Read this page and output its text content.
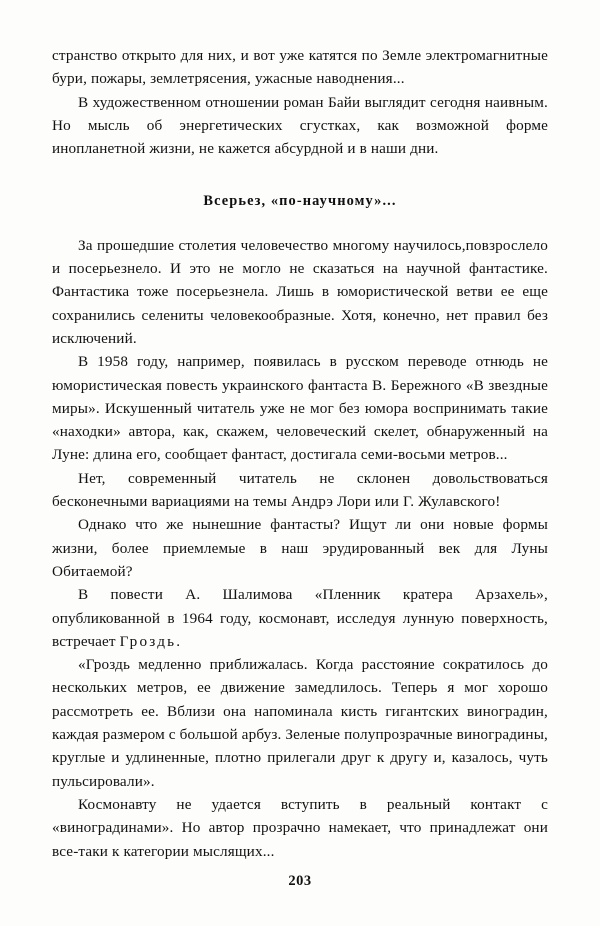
странство открыто для них, и вот уже катятся по Земле электромагнитные бури, пожары, землетрясения, ужасные наводнения...

В художественном отношении роман Байи выглядит сегодня наивным. Но мысль об энергетических сгустках, как возможной форме инопланетной жизни, не кажется абсурдной и в наши дни.

Всерьез, «по-научному»...

За прошедшие столетия человечество многому научилось,повзрослело и посерьезнело. И это не могло не сказаться на научной фантастике. Фантастика тоже посерьезнела. Лишь в юмористической ветви ее еще сохранились селениты человекообразные. Хотя, конечно, нет правил без исключений.

В 1958 году, например, появилась в русском переводе отнюдь не юмористическая повесть украинского фантаста В. Бережного «В звездные миры». Искушенный читатель уже не мог без юмора воспринимать такие «находки» автора, как, скажем, человеческий скелет, обнаруженный на Луне: длина его, сообщает фантаст, достигала семи-восьми метров...

Нет, современный читатель не склонен довольствоваться бесконечными вариациями на темы Андрэ Лори или Г. Жулавского!

Однако что же нынешние фантасты? Ищут ли они новые формы жизни, более приемлемые в наш эрудированный век для Луны Обитаемой?

В повести А. Шалимова «Пленник кратера Арзахель», опубликованной в 1964 году, космонавт, исследуя лунную поверхность, встречает Гроздь.

«Гроздь медленно приближалась. Когда расстояние сократилось до нескольких метров, ее движение замедлилось. Теперь я мог хорошо рассмотреть ее. Вблизи она напоминала кисть гигантских виноградин, каждая размером с большой арбуз. Зеленые полупрозрачные виноградины, круглые и удлиненные, плотно прилегали друг к другу и, казалось, чуть пульсировали».

Космонавту не удается вступить в реальный контакт с «виноградинами». Но автор прозрачно намекает, что принадлежат они все-таки к категории мыслящих...

203
